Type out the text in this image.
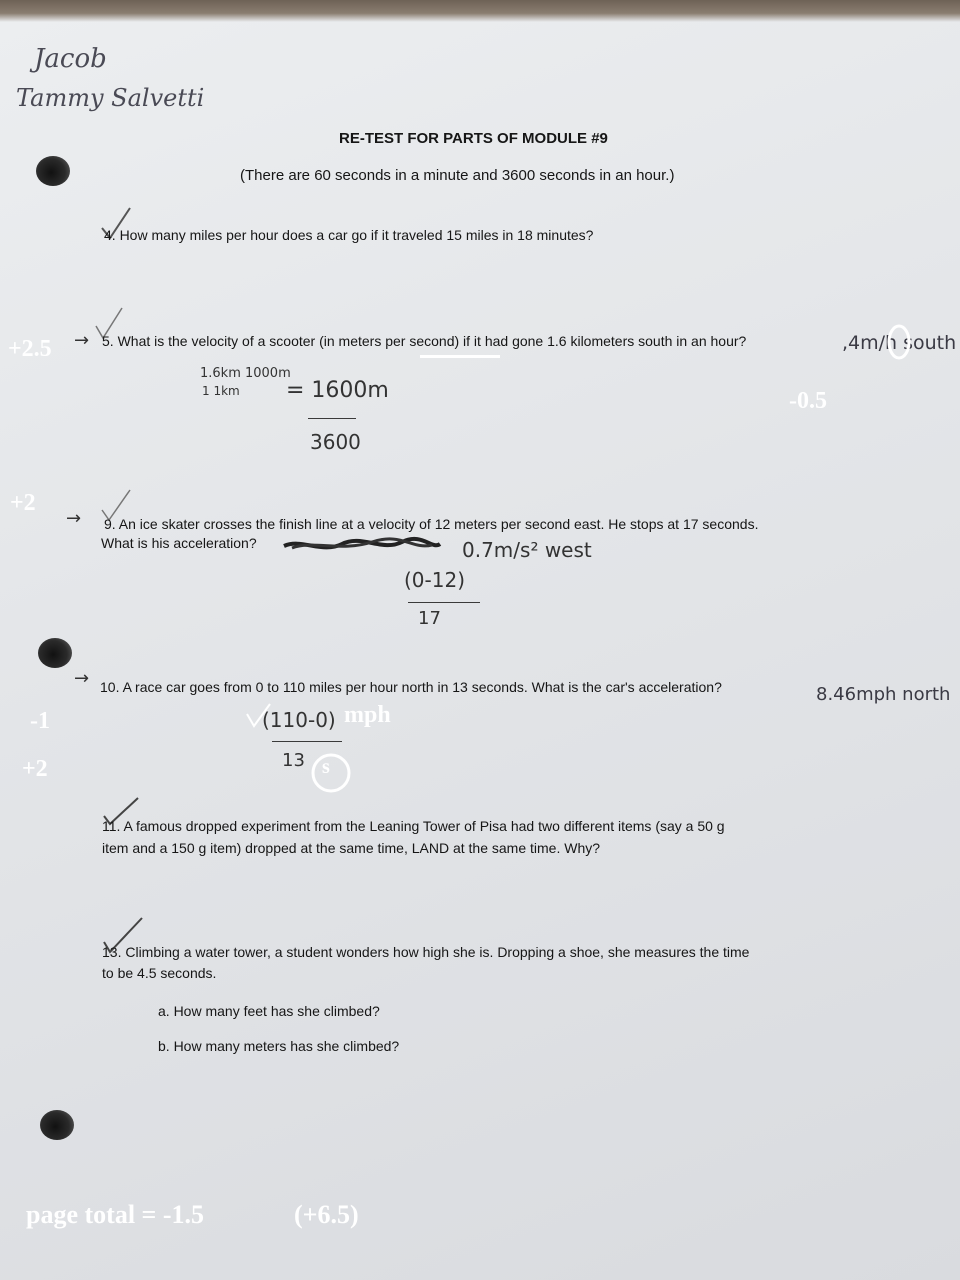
Jacob
Tammy Salvetti
RE-TEST FOR PARTS OF MODULE #9
(There are 60 seconds in a minute and 3600 seconds in an hour.)
4. How many miles per hour does a car go if it traveled 15 miles in 18 minutes?
→ 5. What is the velocity of a scooter (in meters per second) if it had gone 1.6 kilometers south in an hour?	,4m/h south
1.6km 1000m
1 1km = 1600m
3600
+2.5
-0.5
+2
→ 9. An ice skater crosses the finish line at a velocity of 12 meters per second east. He stops at 17 seconds.
What is his acceleration?	0.7m/s² west
(0-12)
17
→ 10. A race car goes from 0 to 110 miles per hour north in 13 seconds. What is the car's acceleration?	8.46mph north
(110-0) mph
13 s
-1
+2
11. A famous dropped experiment from the Leaning Tower of Pisa had two different items (say a 50 g
item and a 150 g item) dropped at the same time, LAND at the same time. Why?
13. Climbing a water tower, a student wonders how high she is. Dropping a shoe, she measures the time
to be 4.5 seconds.
a. How many feet has she climbed?
b. How many meters has she climbed?
page total = -1.5	(+6.5)
